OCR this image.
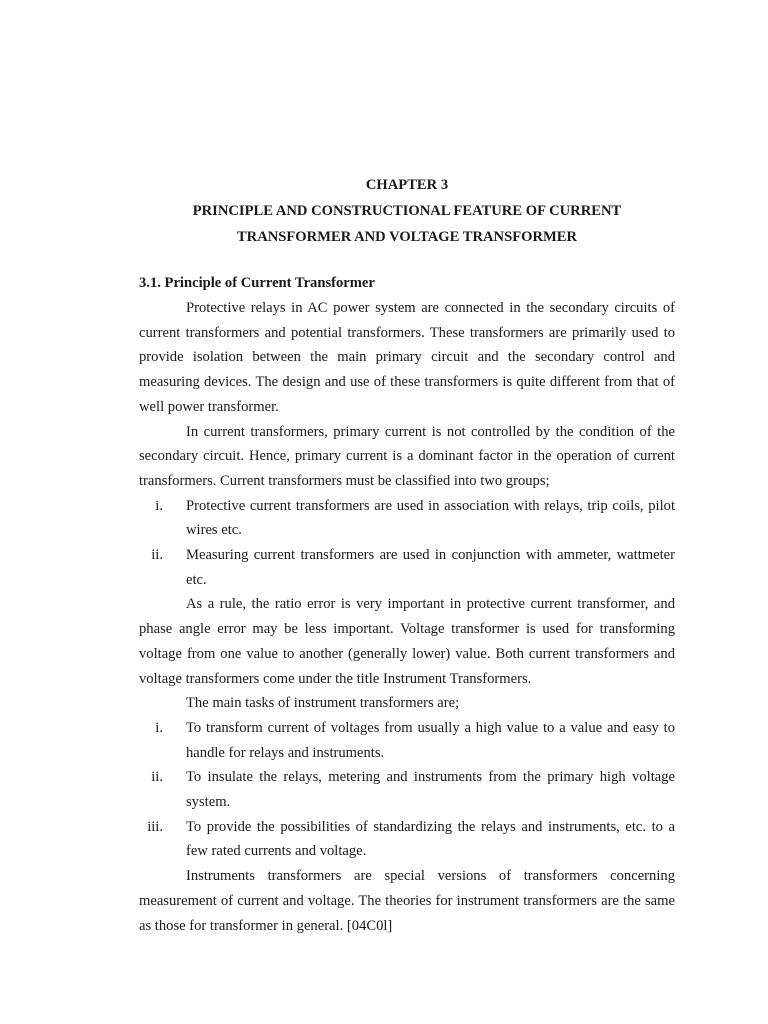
CHAPTER 3
PRINCIPLE AND CONSTRUCTIONAL FEATURE OF CURRENT
TRANSFORMER AND VOLTAGE TRANSFORMER
3.1. Principle of Current Transformer

Protective relays in AC power system are connected in the secondary circuits of current transformers and potential transformers. These transformers are primarily used to provide isolation between the main primary circuit and the secondary control and measuring devices. The design and use of these transformers is quite different from that of well power transformer.

In current transformers, primary current is not controlled by the condition of the secondary circuit. Hence, primary current is a dominant factor in the operation of current transformers. Current transformers must be classified into two groups;

i. Protective current transformers are used in association with relays, trip coils, pilot wires etc.
ii. Measuring current transformers are used in conjunction with ammeter, wattmeter etc.

As a rule, the ratio error is very important in protective current transformer, and phase angle error may be less important. Voltage transformer is used for transforming voltage from one value to another (generally lower) value. Both current transformers and voltage transformers come under the title Instrument Transformers.

The main tasks of instrument transformers are;

i. To transform current of voltages from usually a high value to a value and easy to handle for relays and instruments.
ii. To insulate the relays, metering and instruments from the primary high voltage system.
iii. To provide the possibilities of standardizing the relays and instruments, etc. to a few rated currents and voltage.

Instruments transformers are special versions of transformers concerning measurement of current and voltage. The theories for instrument transformers are the same as those for transformer in general. [04C0l]
